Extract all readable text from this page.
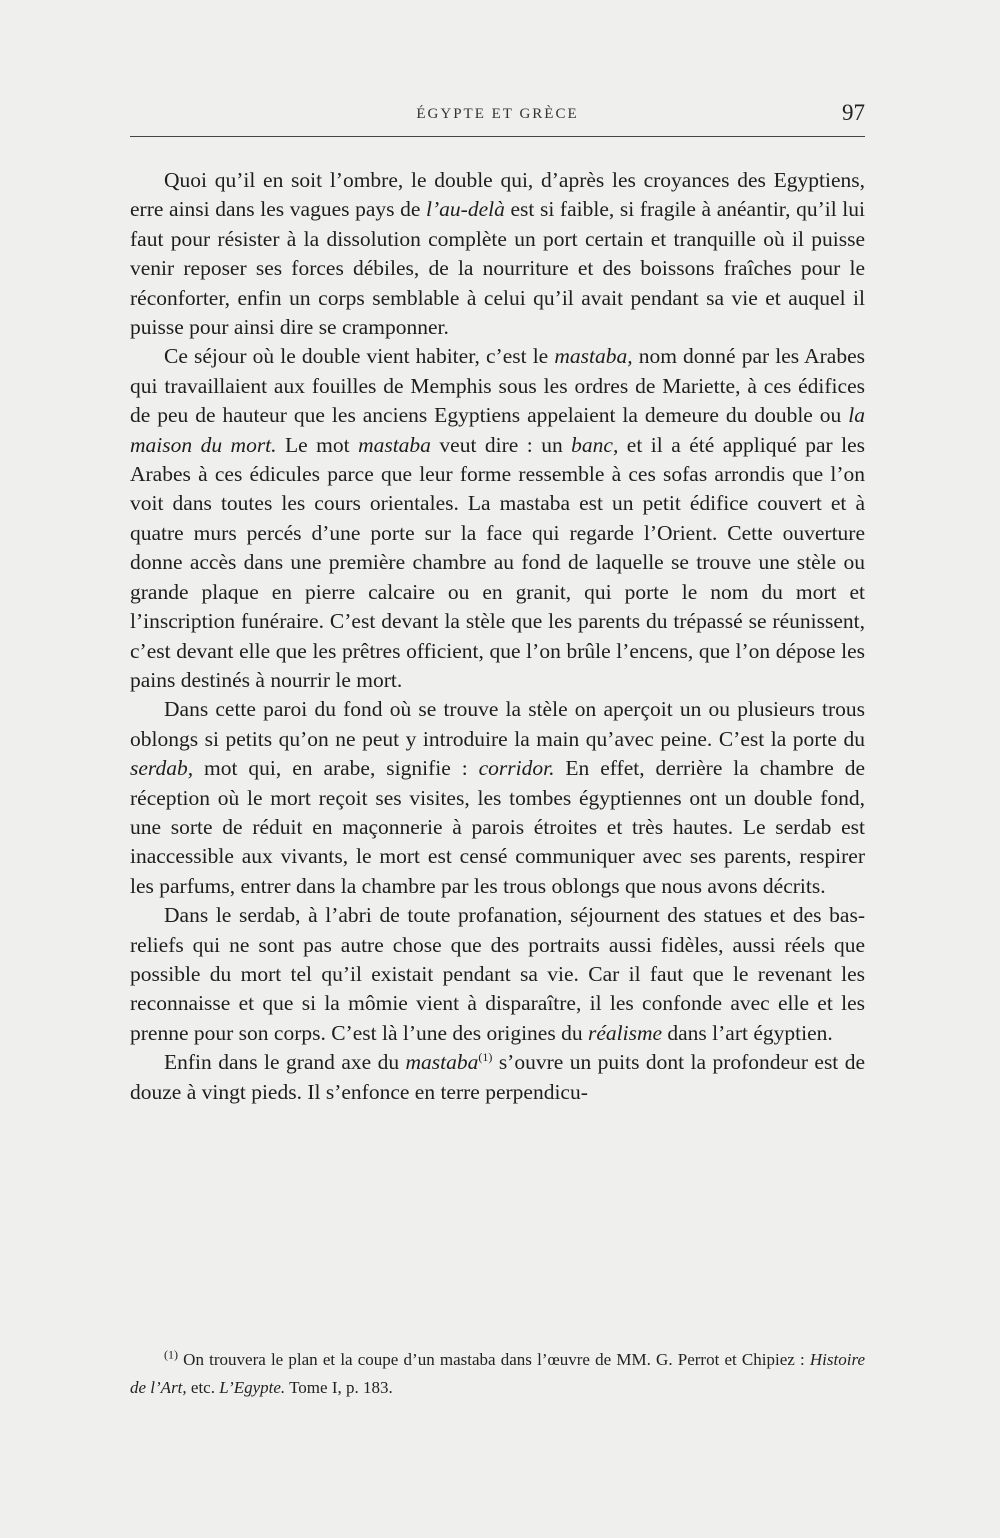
ÉGYPTE ET GRÈCE	97

Quoi qu’il en soit l’ombre, le double qui, d’après les croyances des Egyptiens, erre ainsi dans les vagues pays de l’au-delà est si faible, si fragile à anéantir, qu’il lui faut pour résister à la dissolution complète un port certain et tranquille où il puisse venir reposer ses forces débiles, de la nourriture et des boissons fraîches pour le réconforter, enfin un corps semblable à celui qu’il avait pendant sa vie et auquel il puisse pour ainsi dire se cramponner.

Ce séjour où le double vient habiter, c’est le mastaba, nom donné par les Arabes qui travaillaient aux fouilles de Memphis sous les ordres de Mariette, à ces édifices de peu de hauteur que les anciens Egyptiens appelaient la demeure du double ou la maison du mort. Le mot mastaba veut dire : un banc, et il a été appliqué par les Arabes à ces édicules parce que leur forme ressemble à ces sofas arrondis que l’on voit dans toutes les cours orientales. La mastaba est un petit édifice couvert et à quatre murs percés d’une porte sur la face qui regarde l’Orient. Cette ouverture donne accès dans une première chambre au fond de laquelle se trouve une stèle ou grande plaque en pierre calcaire ou en granit, qui porte le nom du mort et l’inscription funéraire. C’est devant la stèle que les parents du trépassé se réunissent, c’est devant elle que les prêtres officient, que l’on brûle l’encens, que l’on dépose les pains destinés à nourrir le mort.

Dans cette paroi du fond où se trouve la stèle on aperçoit un ou plusieurs trous oblongs si petits qu’on ne peut y introduire la main qu’avec peine. C’est la porte du serdab, mot qui, en arabe, signifie : corridor. En effet, derrière la chambre de réception où le mort reçoit ses visites, les tombes égyptiennes ont un double fond, une sorte de réduit en maçonnerie à parois étroites et très hautes. Le serdab est inaccessible aux vivants, le mort est censé communiquer avec ses parents, respirer les parfums, entrer dans la chambre par les trous oblongs que nous avons décrits.

Dans le serdab, à l’abri de toute profanation, séjournent des statues et des bas-reliefs qui ne sont pas autre chose que des portraits aussi fidèles, aussi réels que possible du mort tel qu’il existait pendant sa vie. Car il faut que le revenant les reconnaisse et que si la mômie vient à disparaître, il les confonde avec elle et les prenne pour son corps. C’est là l’une des origines du réalisme dans l’art égyptien.

Enfin dans le grand axe du mastaba$^{(1)}$ s’ouvre un puits dont la profondeur est de douze à vingt pieds. Il s’enfonce en terre perpendicu-

$^{(1)}$ On trouvera le plan et la coupe d’un mastaba dans l’œuvre de MM. G. Perrot et Chipiez : Histoire de l’Art, etc. L’Egypte. Tome I, p. 183.
